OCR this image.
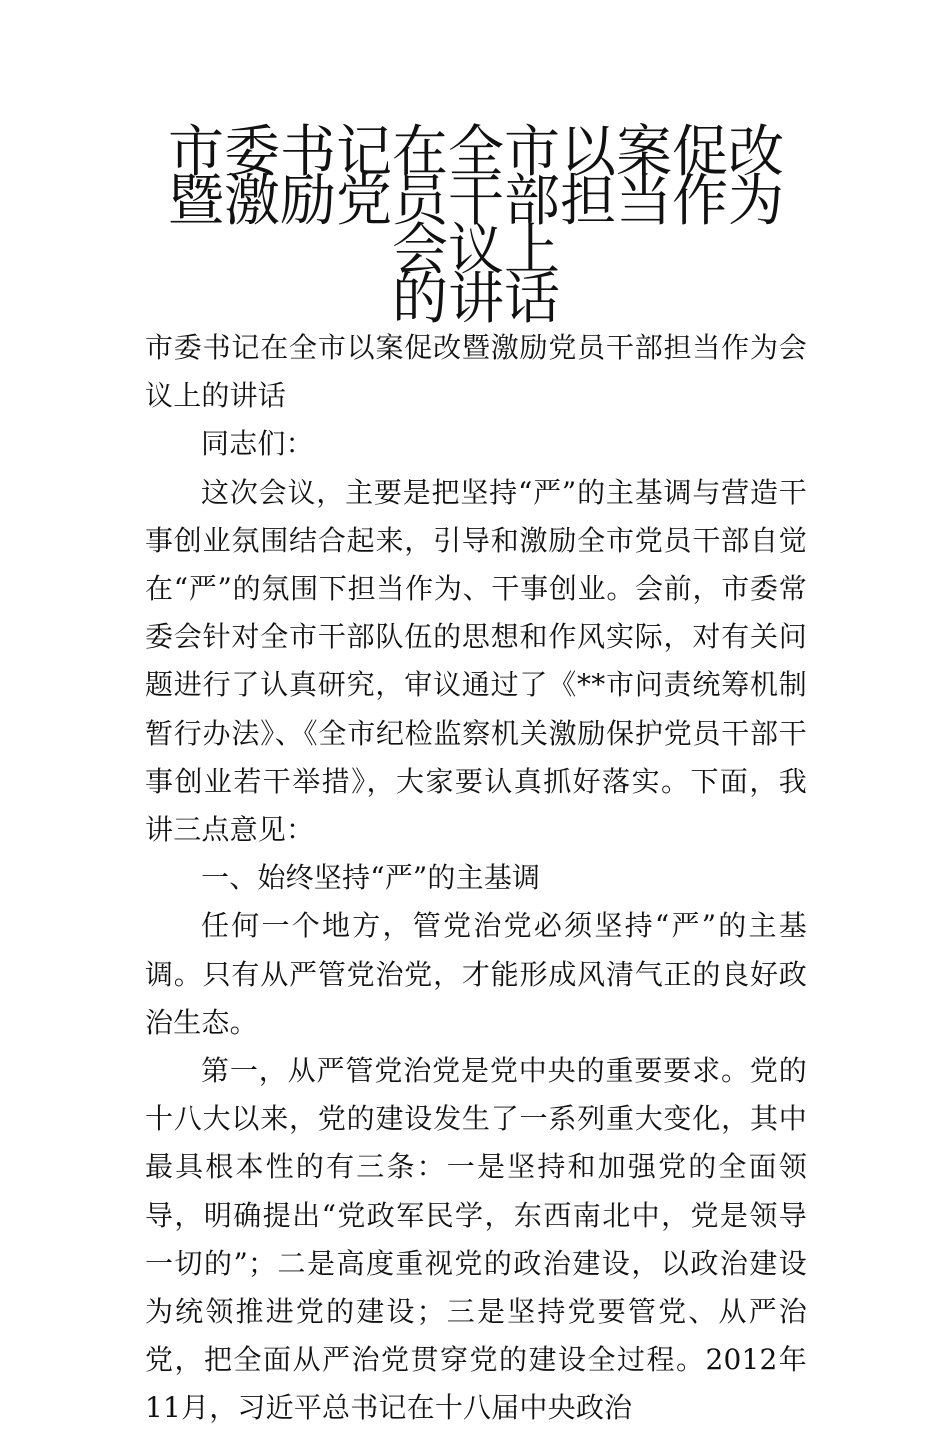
市委书记在全市以案促改暨激励党员干部担当作为会议上
的讲话

市委书记在全市以案促改暨激励党员干部担当作为会议上的讲话

同志们：

这次会议，主要是把坚持“严”的主基调与营造干事创业氛围结合起来，引导和激励全市党员干部自觉在“严”的氛围下担当作为、干事创业。会前，市委常委会针对全市干部队伍的思想和作风实际，对有关问题进行了认真研究，审议通过了《**市问责统筹机制暂行办法》、《全市纪检监察机关激励保护党员干部干事创业若干举措》，大家要认真抓好落实。下面，我讲三点意见：

一、始终坚持“严”的主基调

任何一个地方，管党治党必须坚持“严”的主基调。只有从严管党治党，才能形成风清气正的良好政治生态。

第一，从严管党治党是党中央的重要要求。党的十八大以来，党的建设发生了一系列重大变化，其中最具根本性的有三条：一是坚持和加强党的全面领导，明确提出“党政军民学，东西南北中，党是领导一切的”；二是高度重视党的政治建设，以政治建设为统领推进党的建设；三是坚持党要管党、从严治党，把全面从严治党贯穿党的建设全过程。2012年11月，习近平总书记在十八届中央政治
